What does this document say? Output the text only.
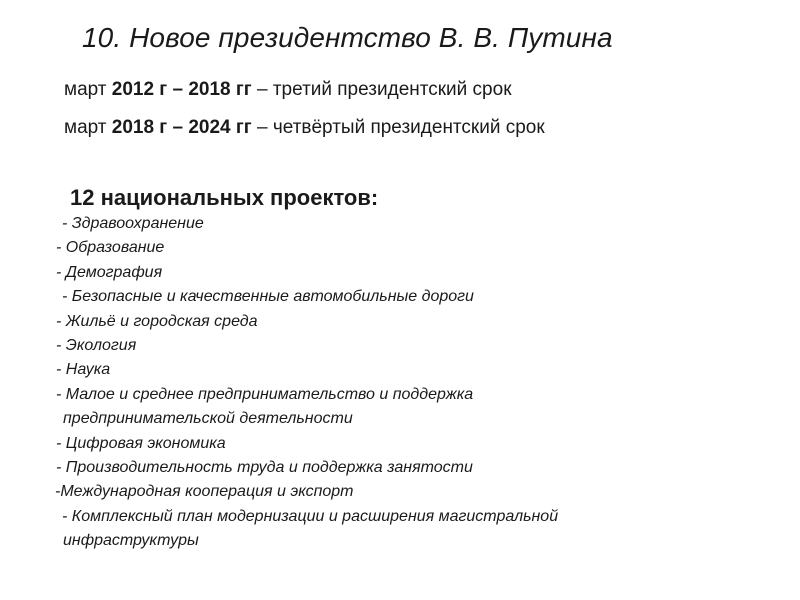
10. Новое президентство В. В. Путина
март 2012 г – 2018 гг – третий президентский срок
март 2018 г – 2024 гг – четвёртый президентский срок
12 национальных проектов:
- Здравоохранение
- Образование
- Демография
- Безопасные и качественные автомобильные дороги
- Жильё и городская среда
- Экология
- Наука
- Малое и среднее предпринимательство и поддержка
предпринимательской деятельности
- Цифровая экономика
- Производительность труда и поддержка занятости
-Международная кооперация и экспорт
- Комплексный план модернизации и расширения магистральной
инфраструктуры
